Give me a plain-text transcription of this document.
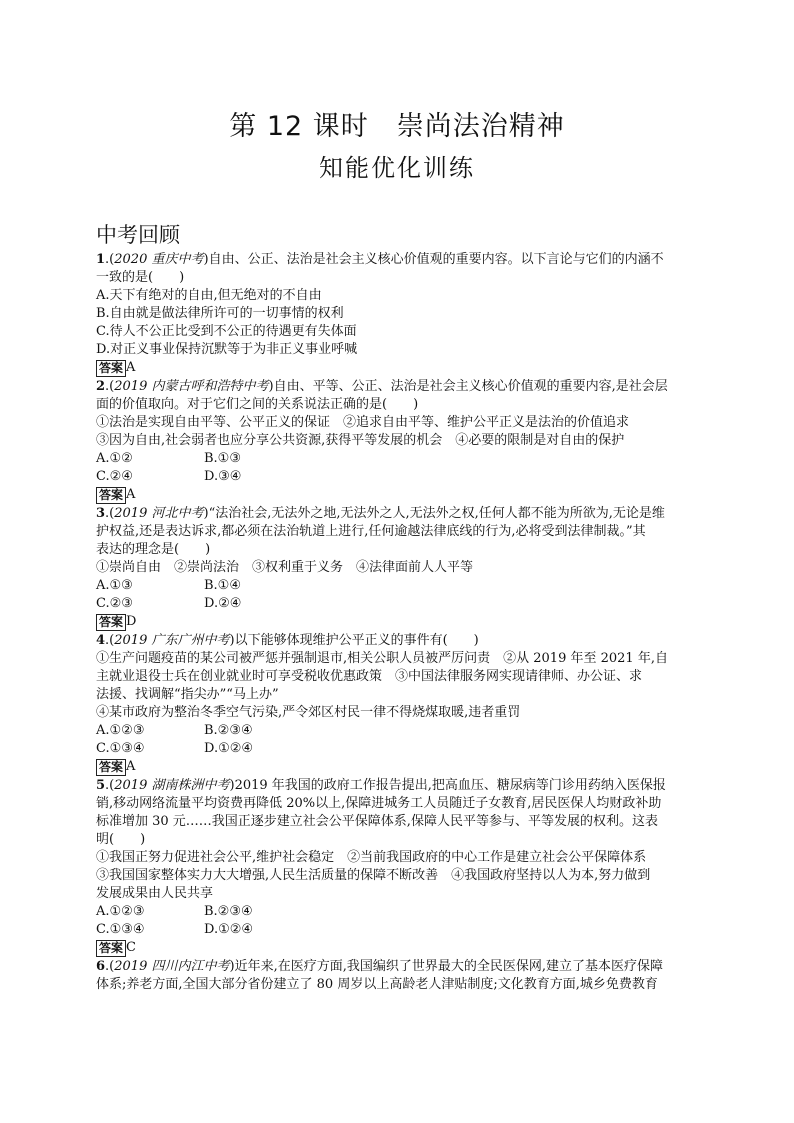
第 12 课时　崇尚法治精神
知能优化训练
中考回顾
1.(2020 重庆中考)自由、公正、法治是社会主义核心价值观的重要内容。以下言论与它们的内涵不
一致的是(　　)
A.天下有绝对的自由,但无绝对的不自由
B.自由就是做法律所许可的一切事情的权利
C.待人不公正比受到不公正的待遇更有失体面
D.对正义事业保持沉默等于为非正义事业呼喊
答案 A
2.(2019 内蒙古呼和浩特中考)自由、平等、公正、法治是社会主义核心价值观的重要内容,是社会层
面的价值取向。对于它们之间的关系说法正确的是(　　)
①法治是实现自由平等、公平正义的保证　②追求自由平等、维护公平正义是法治的价值追求
③因为自由,社会弱者也应分享公共资源,获得平等发展的机会　④必要的限制是对自由的保护
A.①②	B.①③
C.②④	D.③④
答案 A
3.(2019 河北中考)“法治社会,无法外之地,无法外之人,无法外之权,任何人都不能为所欲为,无论是维
护权益,还是表达诉求,都必须在法治轨道上进行,任何逾越法律底线的行为,必将受到法律制裁。”其
表达的理念是(　　)
①崇尚自由　②崇尚法治　③权利重于义务　④法律面前人人平等
A.①③	B.①④
C.②③	D.②④
答案 D
4.(2019 广东广州中考)以下能够体现维护公平正义的事件有(　　)
①生产问题疫苗的某公司被严惩并强制退市,相关公职人员被严厉问责　②从 2019 年至 2021 年,自
主就业退役士兵在创业就业时可享受税收优惠政策　③中国法律服务网实现请律师、办公证、求
法援、找调解“指尖办”“马上办”
④某市政府为整治冬季空气污染,严令郊区村民一律不得烧煤取暖,违者重罚
A.①②③	B.②③④
C.①③④	D.①②④
答案 A
5.(2019 湖南株洲中考)2019 年我国的政府工作报告提出,把高血压、糖尿病等门诊用药纳入医保报
销,移动网络流量平均资费再降低 20%以上,保障进城务工人员随迁子女教育,居民医保人均财政补助
标准增加 30 元……我国正逐步建立社会公平保障体系,保障人民平等参与、平等发展的权利。这表
明(　　)
①我国正努力促进社会公平,维护社会稳定　②当前我国政府的中心工作是建立社会公平保障体系
③我国国家整体实力大大增强,人民生活质量的保障不断改善　④我国政府坚持以人为本,努力做到
发展成果由人民共享
A.①②③	B.②③④
C.①③④	D.①②④
答案 C
6.(2019 四川内江中考)近年来,在医疗方面,我国编织了世界最大的全民医保网,建立了基本医疗保障
体系;养老方面,全国大部分省份建立了 80 周岁以上高龄老人津贴制度;文化教育方面,城乡免费教育
